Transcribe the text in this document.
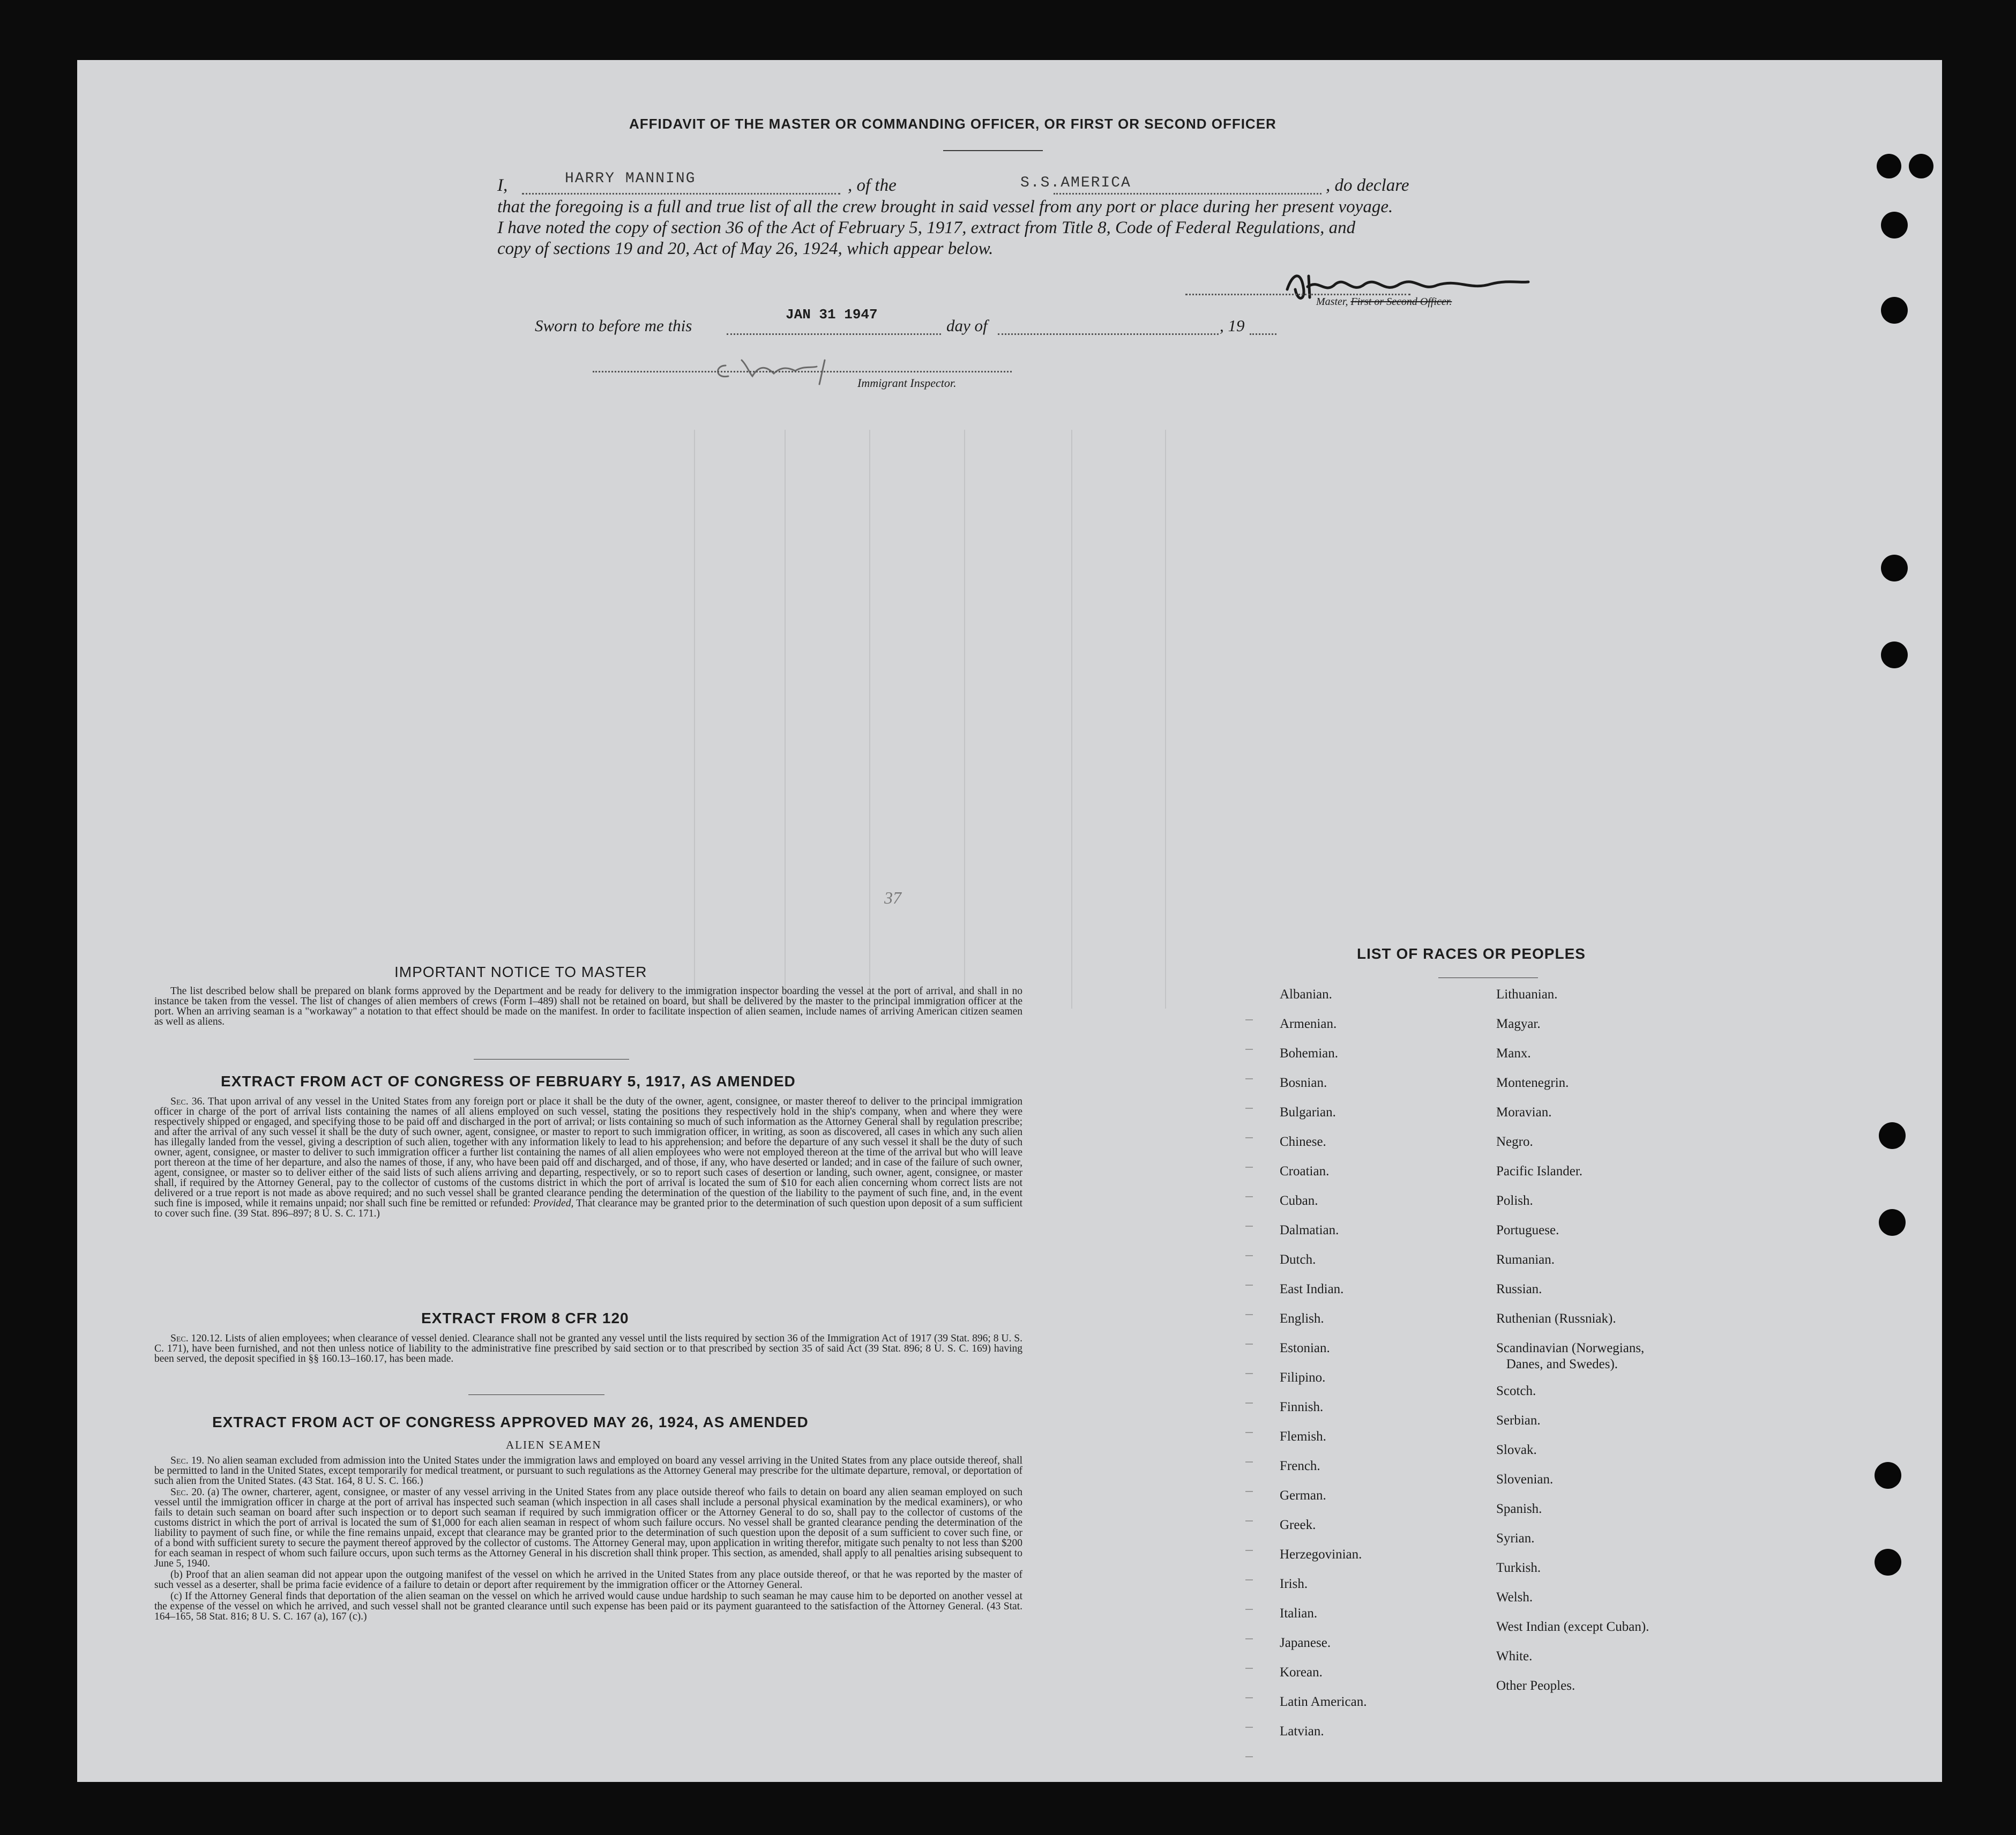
AFFIDAVIT OF THE MASTER OR COMMANDING OFFICER, OR FIRST OR SECOND OFFICER
I,	HARRY MANNING	, of the	S.S.AMERICA	, do declare
that the foregoing is a full and true list of all the crew brought in said vessel from any port or place during her present voyage.
I have noted the copy of section 36 of the Act of February 5, 1917, extract from Title 8, Code of Federal Regulations, and
copy of sections 19 and 20, Act of May 26, 1924, which appear below.
Master, First or Second Officer.
Sworn to before me this
JAN 31 1947
day of	, 19
Immigrant Inspector.
37
IMPORTANT NOTICE TO MASTER

The list described below shall be prepared on blank forms approved by the Department and be ready for delivery to the immigration inspector boarding the vessel at the port of arrival, and shall in no instance be taken from the vessel. The list of changes of alien members of crews (Form I–489) shall not be retained on board, but shall be delivered by the master to the principal immigration officer at the port. When an arriving seaman is a "workaway" a notation to that effect should be made on the manifest. In order to facilitate inspection of alien seamen, include names of arriving American citizen seamen as well as aliens.

EXTRACT FROM ACT OF CONGRESS OF FEBRUARY 5, 1917, AS AMENDED

Sec. 36. That upon arrival of any vessel in the United States from any foreign port or place it shall be the duty of the owner, agent, consignee, or master thereof to deliver to the principal immigration officer in charge of the port of arrival lists containing the names of all aliens employed on such vessel, stating the positions they respectively hold in the ship's company, when and where they were respectively shipped or engaged, and specifying those to be paid off and discharged in the port of arrival; or lists containing so much of such information as the Attorney General shall by regulation prescribe; and after the arrival of any such vessel it shall be the duty of such owner, agent, consignee, or master to report to such immigration officer, in writing, as soon as discovered, all cases in which any such alien has illegally landed from the vessel, giving a description of such alien, together with any information likely to lead to his apprehension; and before the departure of any such vessel it shall be the duty of such owner, agent, consignee, or master to deliver to such immigration officer a further list containing the names of all alien employees who were not employed thereon at the time of the arrival but who will leave port thereon at the time of her departure, and also the names of those, if any, who have been paid off and discharged, and of those, if any, who have deserted or landed; and in case of the failure of such owner, agent, consignee, or master so to deliver either of the said lists of such aliens arriving and departing, respectively, or so to report such cases of desertion or landing, such owner, agent, consignee, or master shall, if required by the Attorney General, pay to the collector of customs of the customs district in which the port of arrival is located the sum of $10 for each alien concerning whom correct lists are not delivered or a true report is not made as above required; and no such vessel shall be granted clearance pending the determination of the question of the liability to the payment of such fine, and, in the event such fine is imposed, while it remains unpaid; nor shall such fine be remitted or refunded: Provided, That clearance may be granted prior to the determination of such question upon deposit of a sum sufficient to cover such fine. (39 Stat. 896–897; 8 U. S. C. 171.)

EXTRACT FROM 8 CFR 120

Sec. 120.12. Lists of alien employees; when clearance of vessel denied. Clearance shall not be granted any vessel until the lists required by section 36 of the Immigration Act of 1917 (39 Stat. 896; 8 U. S. C. 171), have been furnished, and not then unless notice of liability to the administrative fine prescribed by said section or to that prescribed by section 35 of said Act (39 Stat. 896; 8 U. S. C. 169) having been served, the deposit specified in §§ 160.13–160.17, has been made.

EXTRACT FROM ACT OF CONGRESS APPROVED MAY 26, 1924, AS AMENDED
ALIEN SEAMEN

Sec. 19. No alien seaman excluded from admission into the United States under the immigration laws and employed on board any vessel arriving in the United States from any place outside thereof, shall be permitted to land in the United States, except temporarily for medical treatment, or pursuant to such regulations as the Attorney General may prescribe for the ultimate departure, removal, or deportation of such alien from the United States. (43 Stat. 164, 8 U. S. C. 166.)

Sec. 20. (a) The owner, charterer, agent, consignee, or master of any vessel arriving in the United States from any place outside thereof who fails to detain on board any alien seaman employed on such vessel until the immigration officer in charge at the port of arrival has inspected such seaman (which inspection in all cases shall include a personal physical examination by the medical examiners), or who fails to detain such seaman on board after such inspection or to deport such seaman if required by such immigration officer or the Attorney General to do so, shall pay to the collector of customs of the customs district in which the port of arrival is located the sum of $1,000 for each alien seaman in respect of whom such failure occurs. No vessel shall be granted clearance pending the determination of the liability to payment of such fine, or while the fine remains unpaid, except that clearance may be granted prior to the determination of such question upon the deposit of a sum sufficient to cover such fine, or of a bond with sufficient surety to secure the payment thereof approved by the collector of customs. The Attorney General may, upon application in writing therefor, mitigate such penalty to not less than $200 for each seaman in respect of whom such failure occurs, upon such terms as the Attorney General in his discretion shall think proper. This section, as amended, shall apply to all penalties arising subsequent to June 5, 1940.

(b) Proof that an alien seaman did not appear upon the outgoing manifest of the vessel on which he arrived in the United States from any place outside thereof, or that he was reported by the master of such vessel as a deserter, shall be prima facie evidence of a failure to detain or deport after requirement by the immigration officer or the Attorney General.

(c) If the Attorney General finds that deportation of the alien seaman on the vessel on which he arrived would cause undue hardship to such seaman he may cause him to be deported on another vessel at the expense of the vessel on which he arrived, and such vessel shall not be granted clearance until such expense has been paid or its payment guaranteed to the satisfaction of the Attorney General. (43 Stat. 164–165, 58 Stat. 816; 8 U. S. C. 167 (a), 167 (c).)

LIST OF RACES OR PEOPLES
Albanian.
Armenian.
Bohemian.
Bosnian.
Bulgarian.
Chinese.
Croatian.
Cuban.
Dalmatian.
Dutch.
East Indian.
English.
Estonian.
Filipino.
Finnish.
Flemish.
French.
German.
Greek.
Herzegovinian.
Irish.
Italian.
Japanese.
Korean.
Latin American.
Latvian.
Lithuanian.
Magyar.
Manx.
Montenegrin.
Moravian.
Negro.
Pacific Islander.
Polish.
Portuguese.
Rumanian.
Russian.
Ruthenian (Russniak).
Scandinavian (Norwegians,
Danes, and Swedes).
Scotch.
Serbian.
Slovak.
Slovenian.
Spanish.
Syrian.
Turkish.
Welsh.
West Indian (except Cuban).
White.
Other Peoples.
